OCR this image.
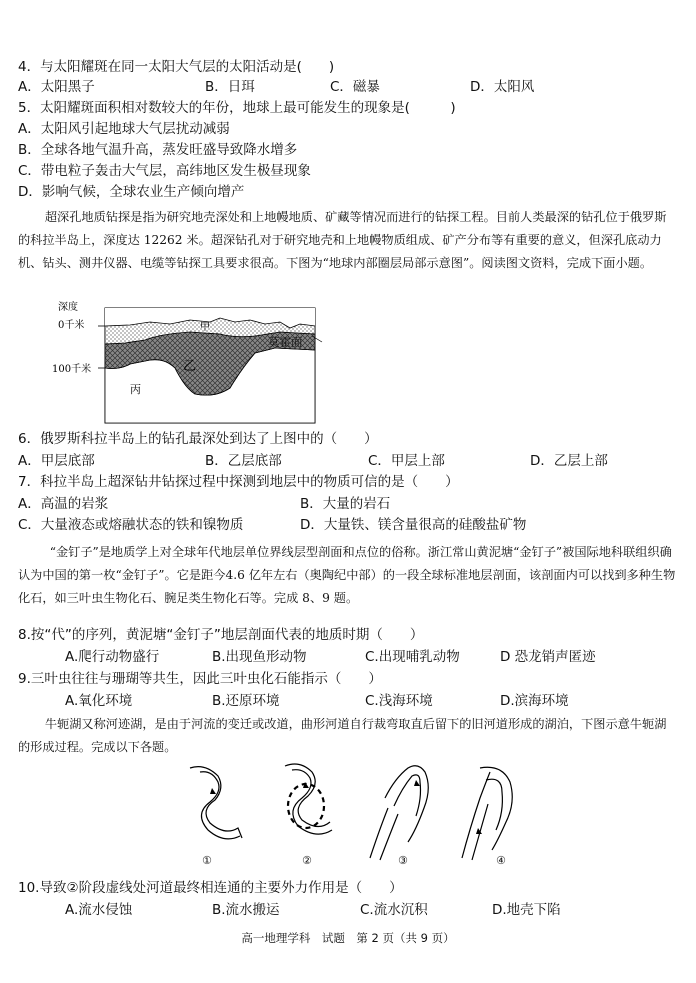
4．与太阳耀斑在同一太阳大气层的太阳活动是(　　)
A．太阳黑子	B．日珥	C．磁暴	D．太阳风
5．太阳耀斑面积相对数较大的年份，地球上最可能发生的现象是(　　　)
A．太阳风引起地球大气层扰动减弱
B．全球各地气温升高，蒸发旺盛导致降水增多
C．带电粒子轰击大气层，高纬地区发生极昼现象
D．影响气候，全球农业生产倾向增产
超深孔地质钻探是指为研究地壳深处和上地幔地质、矿藏等情况而进行的钻探工程。目前人类最深的钻孔位于俄罗斯的科拉半岛上，深度达 12262 米。超深钻孔对于研究地壳和上地幔物质组成、矿产分布等有重要的意义，但深孔底动力机、钻头、测井仪器、电缆等钻探工具要求很高。下图为“地球内部圈层局部示意图”。阅读图文资料，完成下面小题。
深度
0千米
100千米
甲
乙
丙
莫霍面
6．俄罗斯科拉半岛上的钻孔最深处到达了上图中的（　　）
A．甲层底部	B．乙层底部	C．甲层上部	D．乙层上部
7．科拉半岛上超深钻井钻探过程中探测到地层中的物质可信的是（　　）
A．高温的岩浆	B．大量的岩石
C．大量液态或熔融状态的铁和镍物质	D．大量铁、镁含量很高的硅酸盐矿物
“金钉子”是地质学上对全球年代地层单位界线层型剖面和点位的俗称。浙江常山黄泥塘“金钉子”被国际地科联组织确认为中国的第一枚“金钉子”。它是距今4.6 亿年左右（奥陶纪中部）的一段全球标准地层剖面，该剖面内可以找到多种生物化石，如三叶虫生物化石、腕足类生物化石等。完成 8、9 题。
8.按“代”的序列，黄泥塘“金钉子”地层剖面代表的地质时期（　　）
A.爬行动物盛行	B.出现鱼形动物	C.出现哺乳动物	D 恐龙销声匿迹
9.三叶虫往往与珊瑚等共生，因此三叶虫化石能指示（　　）
A.氧化环境	B.还原环境	C.浅海环境	D.滨海环境
牛轭湖又称河迹湖，是由于河流的变迁或改道，曲形河道自行裁弯取直后留下的旧河道形成的湖泊，下图示意牛轭湖的形成过程。完成以下各题。
①	②	③	④
10.导致②阶段虚线处河道最终相连通的主要外力作用是（　　）
A.流水侵蚀	B.流水搬运	C.流水沉积	D.地壳下陷
高一地理学科　试题　第 2 页（共 9 页）
